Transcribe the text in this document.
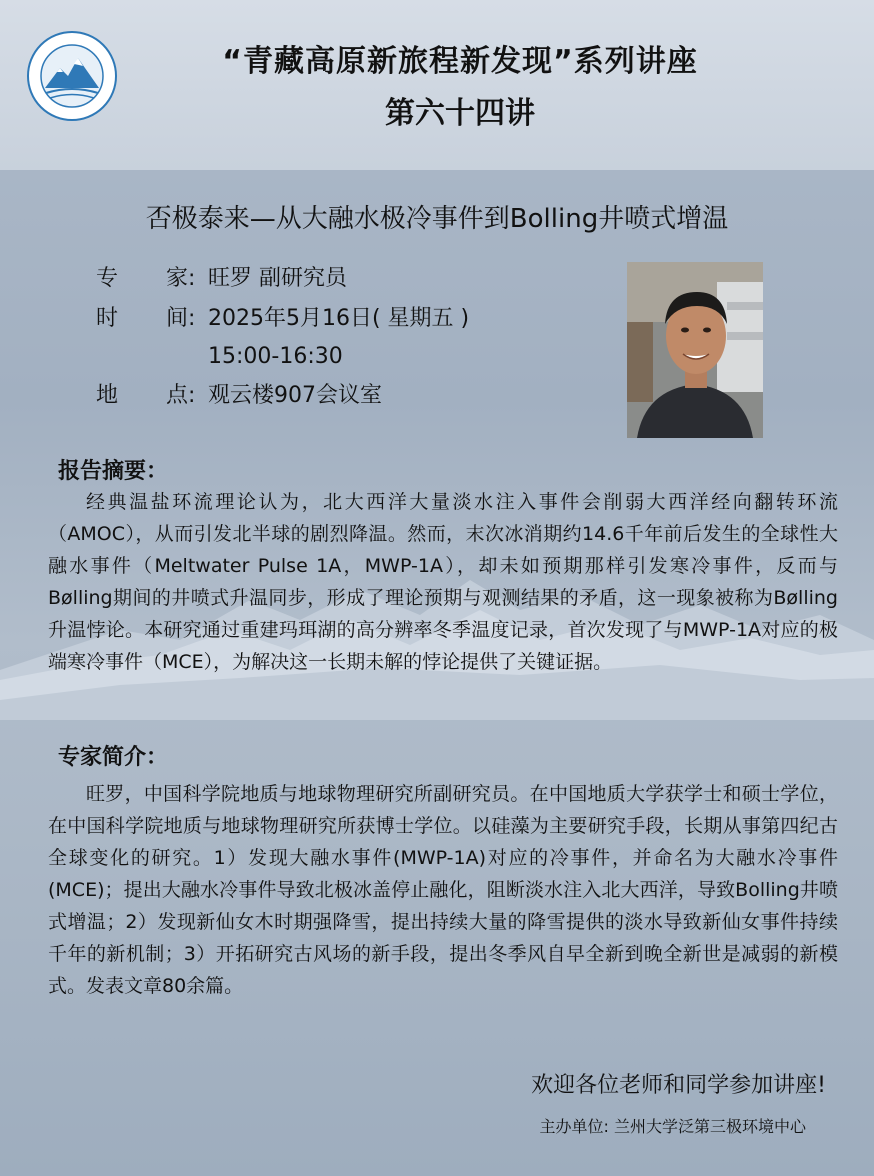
“青藏高原新旅程新发现”系列讲座
第六十四讲
否极泰来—从大融水极冷事件到Bolling井喷式增温
专 家: 旺罗 副研究员
时 间: 2025年5月16日( 星期五 )
15:00-16:30
地 点: 观云楼907会议室
报告摘要：

经典温盐环流理论认为，北大西洋大量淡水注入事件会削弱大西洋经向翻转环流（AMOC），从而引发北半球的剧烈降温。然而，末次冰消期约14.6千年前后发生的全球性大融水事件（Meltwater Pulse 1A，MWP-1A），却未如预期那样引发寒冷事件，反而与Bølling期间的井喷式升温同步，形成了理论预期与观测结果的矛盾，这一现象被称为Bølling升温悖论。本研究通过重建玛珥湖的高分辨率冬季温度记录，首次发现了与MWP-1A对应的极端寒冷事件（MCE），为解决这一长期未解的悖论提供了关键证据。

专家简介：

旺罗，中国科学院地质与地球物理研究所副研究员。在中国地质大学获学士和硕士学位，在中国科学院地质与地球物理研究所获博士学位。以硅藻为主要研究手段，长期从事第四纪古全球变化的研究。1）发现大融水事件(MWP-1A)对应的冷事件，并命名为大融水冷事件(MCE)；提出大融水冷事件导致北极冰盖停止融化，阻断淡水注入北大西洋，导致Bolling井喷式增温；2）发现新仙女木时期强降雪，提出持续大量的降雪提供的淡水导致新仙女事件持续千年的新机制；3）开拓研究古风场的新手段，提出冬季风自早全新到晚全新世是减弱的新模式。发表文章80余篇。

欢迎各位老师和同学参加讲座!
主办单位: 兰州大学泛第三极环境中心
